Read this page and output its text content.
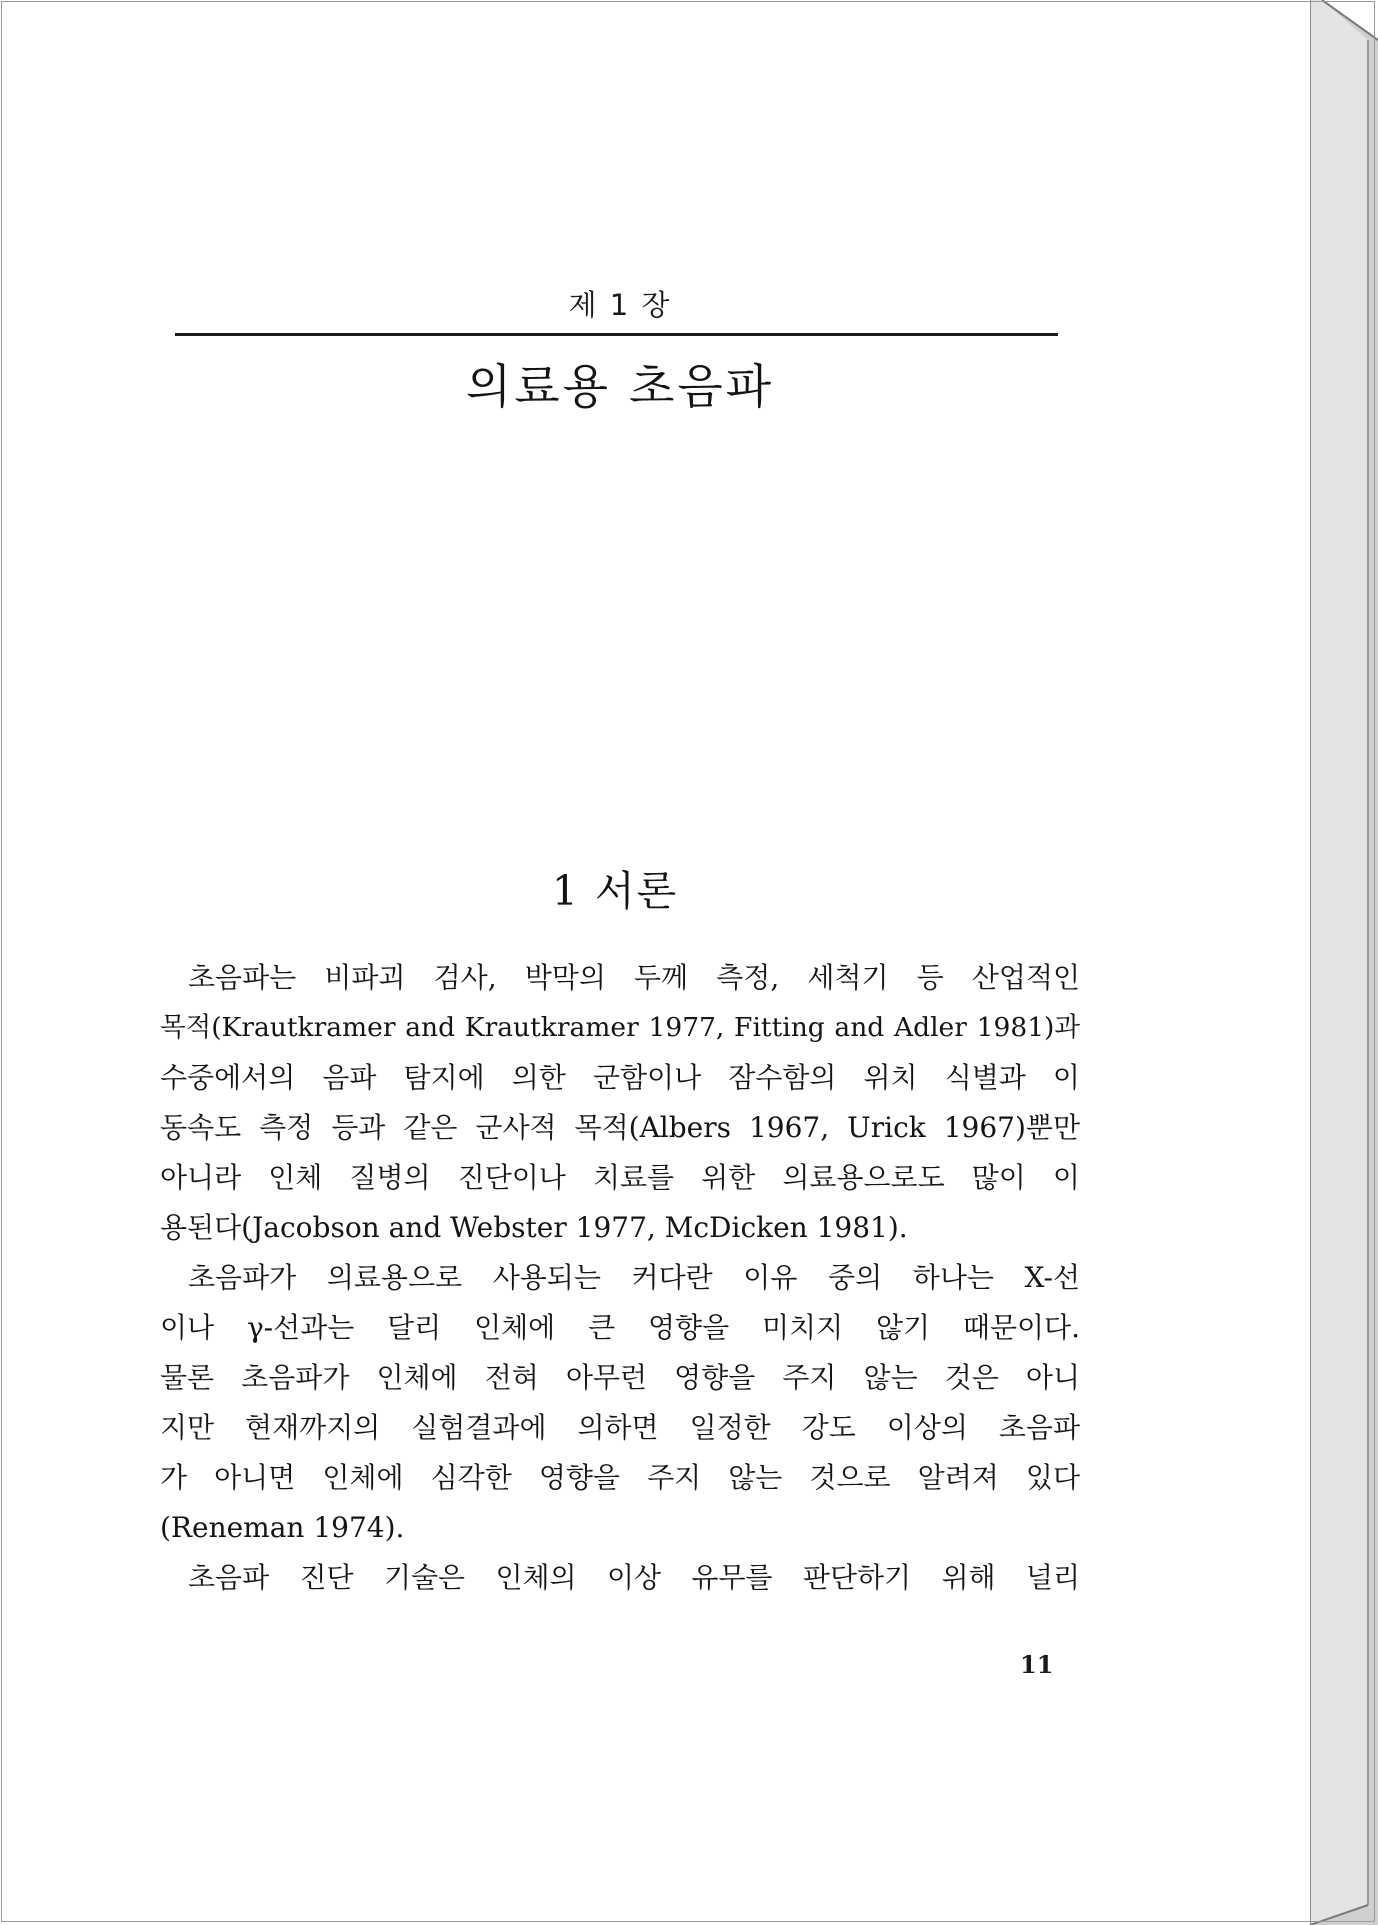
제 1 장
의료용 초음파
1 서론
초음파는 비파괴 검사, 박막의 두께 측정, 세척기 등 산업적인
목적(Krautkramer and Krautkramer 1977, Fitting and Adler 1981)과
수중에서의 음파 탐지에 의한 군함이나 잠수함의 위치 식별과 이
동속도 측정 등과 같은 군사적 목적(Albers 1967, Urick 1967)뿐만
아니라 인체 질병의 진단이나 치료를 위한 의료용으로도 많이 이
용된다(Jacobson and Webster 1977, McDicken 1981).
초음파가 의료용으로 사용되는 커다란 이유 중의 하나는 X-선
이나 γ-선과는 달리 인체에 큰 영향을 미치지 않기 때문이다.
물론 초음파가 인체에 전혀 아무런 영향을 주지 않는 것은 아니
지만 현재까지의 실험결과에 의하면 일정한 강도 이상의 초음파
가 아니면 인체에 심각한 영향을 주지 않는 것으로 알려져 있다
(Reneman 1974).
초음파 진단 기술은 인체의 이상 유무를 판단하기 위해 널리
11
